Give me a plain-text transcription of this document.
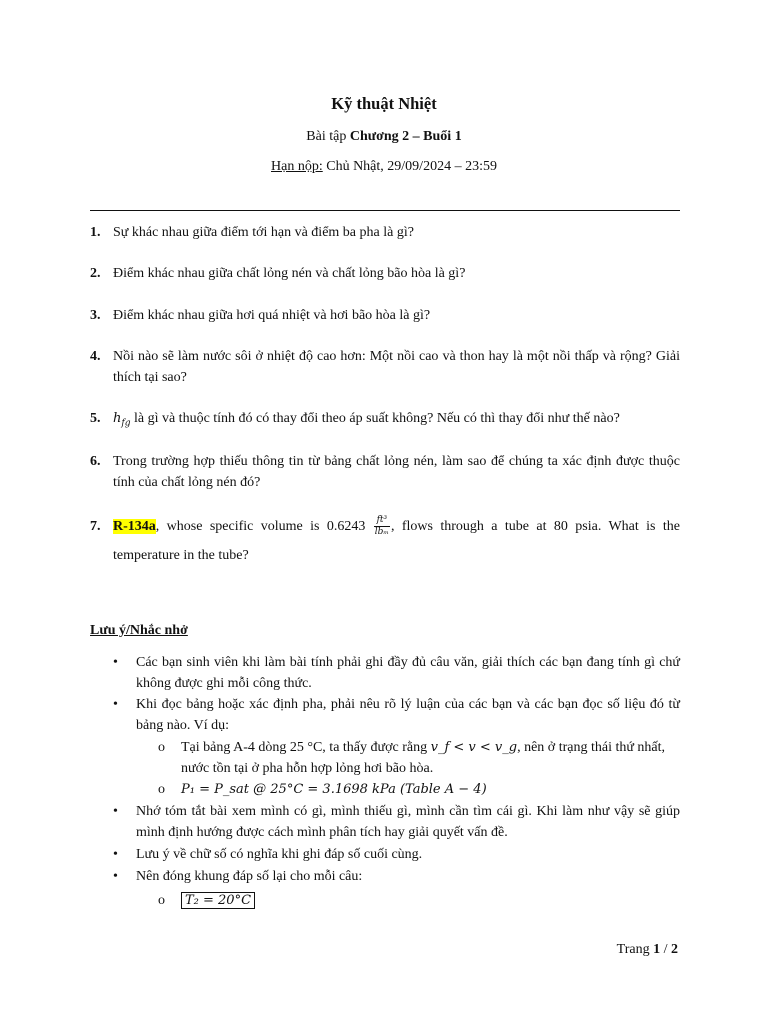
Kỹ thuật Nhiệt
Bài tập Chương 2 – Buổi 1
Hạn nộp: Chủ Nhật, 29/09/2024 – 23:59
1. Sự khác nhau giữa điểm tới hạn và điểm ba pha là gì?
2. Điểm khác nhau giữa chất lỏng nén và chất lỏng bão hòa là gì?
3. Điểm khác nhau giữa hơi quá nhiệt và hơi bão hòa là gì?
4. Nồi nào sẽ làm nước sôi ở nhiệt độ cao hơn: Một nồi cao và thon hay là một nồi thấp và rộng? Giải thích tại sao?
5. $h_{fg}$ là gì và thuộc tính đó có thay đổi theo áp suất không? Nếu có thì thay đổi như thế nào?
6. Trong trường hợp thiếu thông tin từ bảng chất lỏng nén, làm sao để chúng ta xác định được thuộc tính của chất lỏng nén đó?
7. R-134a, whose specific volume is $0.6243 \frac{\text{ft³}}{\text{lbₘ}}$ , flows through a tube at 80 psia. What is the temperature in the tube?
Lưu ý/Nhắc nhở
• Các bạn sinh viên khi làm bài tính phải ghi đầy đủ câu văn, giải thích các bạn đang tính gì chứ không được ghi mỗi công thức.
• Khi đọc bảng hoặc xác định pha, phải nêu rõ lý luận của các bạn và các bạn đọc số liệu đó từ bảng nào. Ví dụ:
o Tại bảng A-4 dòng 25 °C, ta thấy được rằng v_f < v < v_g, nên ở trạng thái thứ nhất, nước tồn tại ở pha hỗn hợp lỏng hơi bão hòa.
o P₁ = P_sat @ 25°C = 3.1698 kPa (Table A − 4)
• Nhớ tóm tắt bài xem mình có gì, mình thiếu gì, mình cần tìm cái gì. Khi làm như vậy sẽ giúp mình định hướng được cách mình phân tích hay giải quyết vấn đề.
• Lưu ý về chữ số có nghĩa khi ghi đáp số cuối cùng.
• Nên đóng khung đáp số lại cho mỗi câu:
o	T₂ = 20°C
Trang 1 / 2
